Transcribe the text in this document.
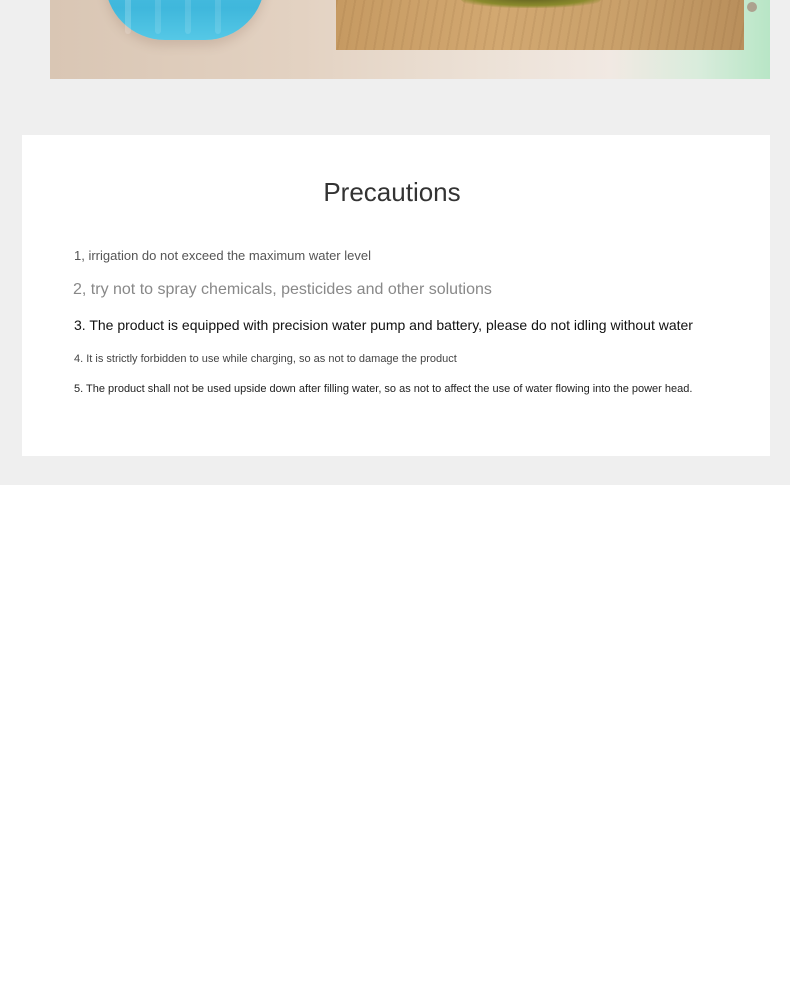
Precautions

1, irrigation do not exceed the maximum water level

2, try not to spray chemicals, pesticides and other solutions

3. The product is equipped with precision water pump and battery, please do not idling without water

4. It is strictly forbidden to use while charging, so as not to damage the product

5. The product shall not be used upside down after filling water, so as not to affect the use of water flowing into the power head.
